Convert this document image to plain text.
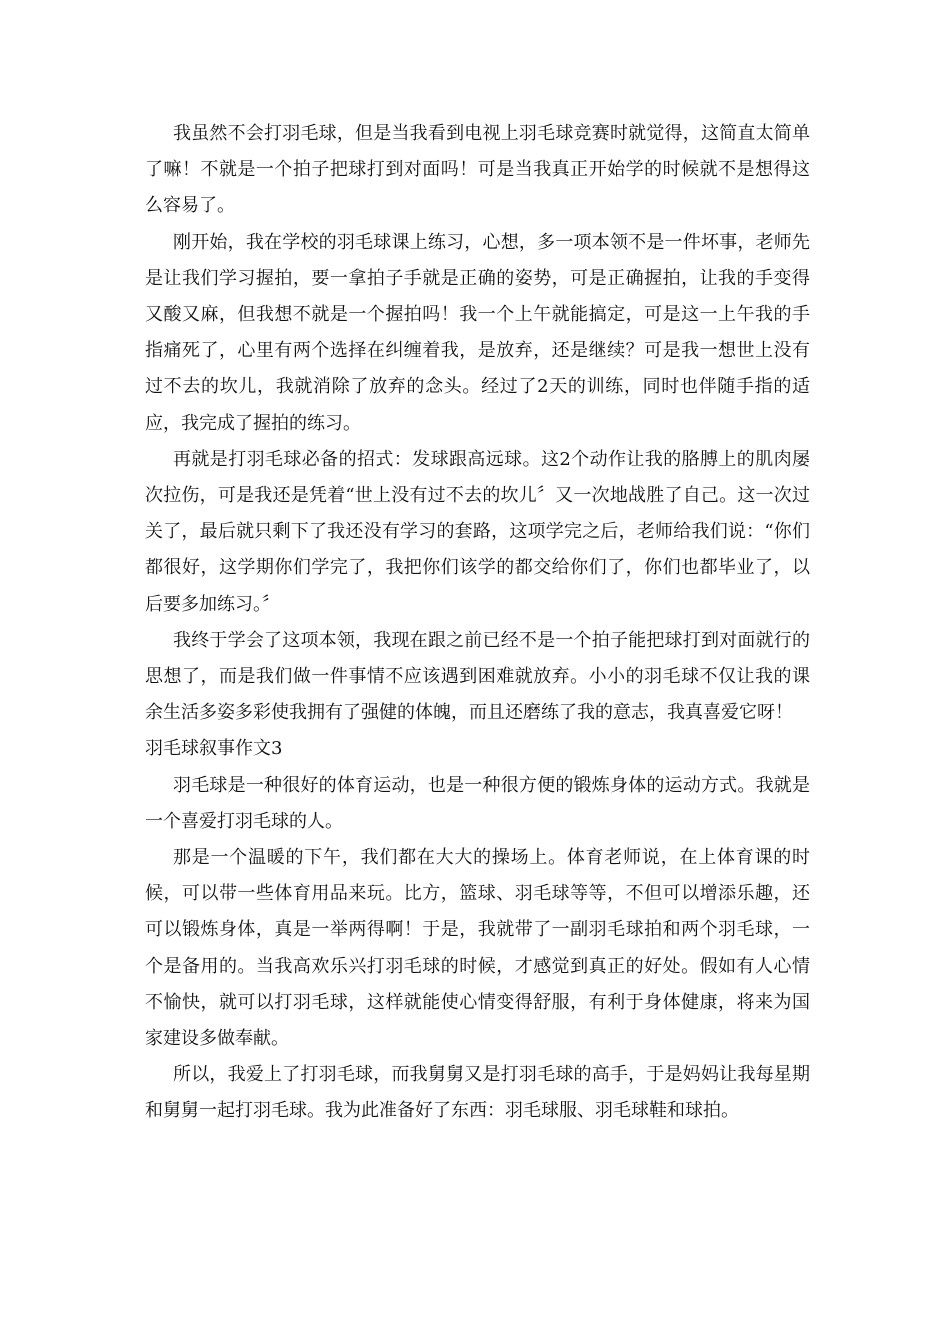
我虽然不会打羽毛球，但是当我看到电视上羽毛球竞赛时就觉得，这简直太简单了嘛！不就是一个拍子把球打到对面吗！可是当我真正开始学的时候就不是想得这么容易了。

刚开始，我在学校的羽毛球课上练习，心想，多一项本领不是一件坏事，老师先是让我们学习握拍，要一拿拍子手就是正确的姿势，可是正确握拍，让我的手变得又酸又麻，但我想不就是一个握拍吗！我一个上午就能搞定，可是这一上午我的手指痛死了，心里有两个选择在纠缠着我，是放弃，还是继续？可是我一想世上没有过不去的坎儿，我就消除了放弃的念头。经过了2天的训练，同时也伴随手指的适应，我完成了握拍的练习。

再就是打羽毛球必备的招式：发球跟高远球。这2个动作让我的胳膊上的肌肉屡次拉伤，可是我还是凭着“世上没有过不去的坎儿〞又一次地战胜了自己。这一次过关了，最后就只剩下了我还没有学习的套路，这项学完之后，老师给我们说：“你们都很好，这学期你们学完了，我把你们该学的都交给你们了，你们也都毕业了，以后要多加练习。〞

我终于学会了这项本领，我现在跟之前已经不是一个拍子能把球打到对面就行的思想了，而是我们做一件事情不应该遇到困难就放弃。小小的羽毛球不仅让我的课余生活多姿多彩使我拥有了强健的体魄，而且还磨练了我的意志，我真喜爱它呀！

羽毛球叙事作文3

羽毛球是一种很好的体育运动，也是一种很方便的锻炼身体的运动方式。我就是一个喜爱打羽毛球的人。

那是一个温暖的下午，我们都在大大的操场上。体育老师说，在上体育课的时候，可以带一些体育用品来玩。比方，篮球、羽毛球等等，不但可以增添乐趣，还可以锻炼身体，真是一举两得啊！于是，我就带了一副羽毛球拍和两个羽毛球，一个是备用的。当我高欢乐兴打羽毛球的时候，才感觉到真正的好处。假如有人心情不愉快，就可以打羽毛球，这样就能使心情变得舒服，有利于身体健康，将来为国家建设多做奉献。

所以，我爱上了打羽毛球，而我舅舅又是打羽毛球的高手，于是妈妈让我每星期和舅舅一起打羽毛球。我为此准备好了东西：羽毛球服、羽毛球鞋和球拍。
